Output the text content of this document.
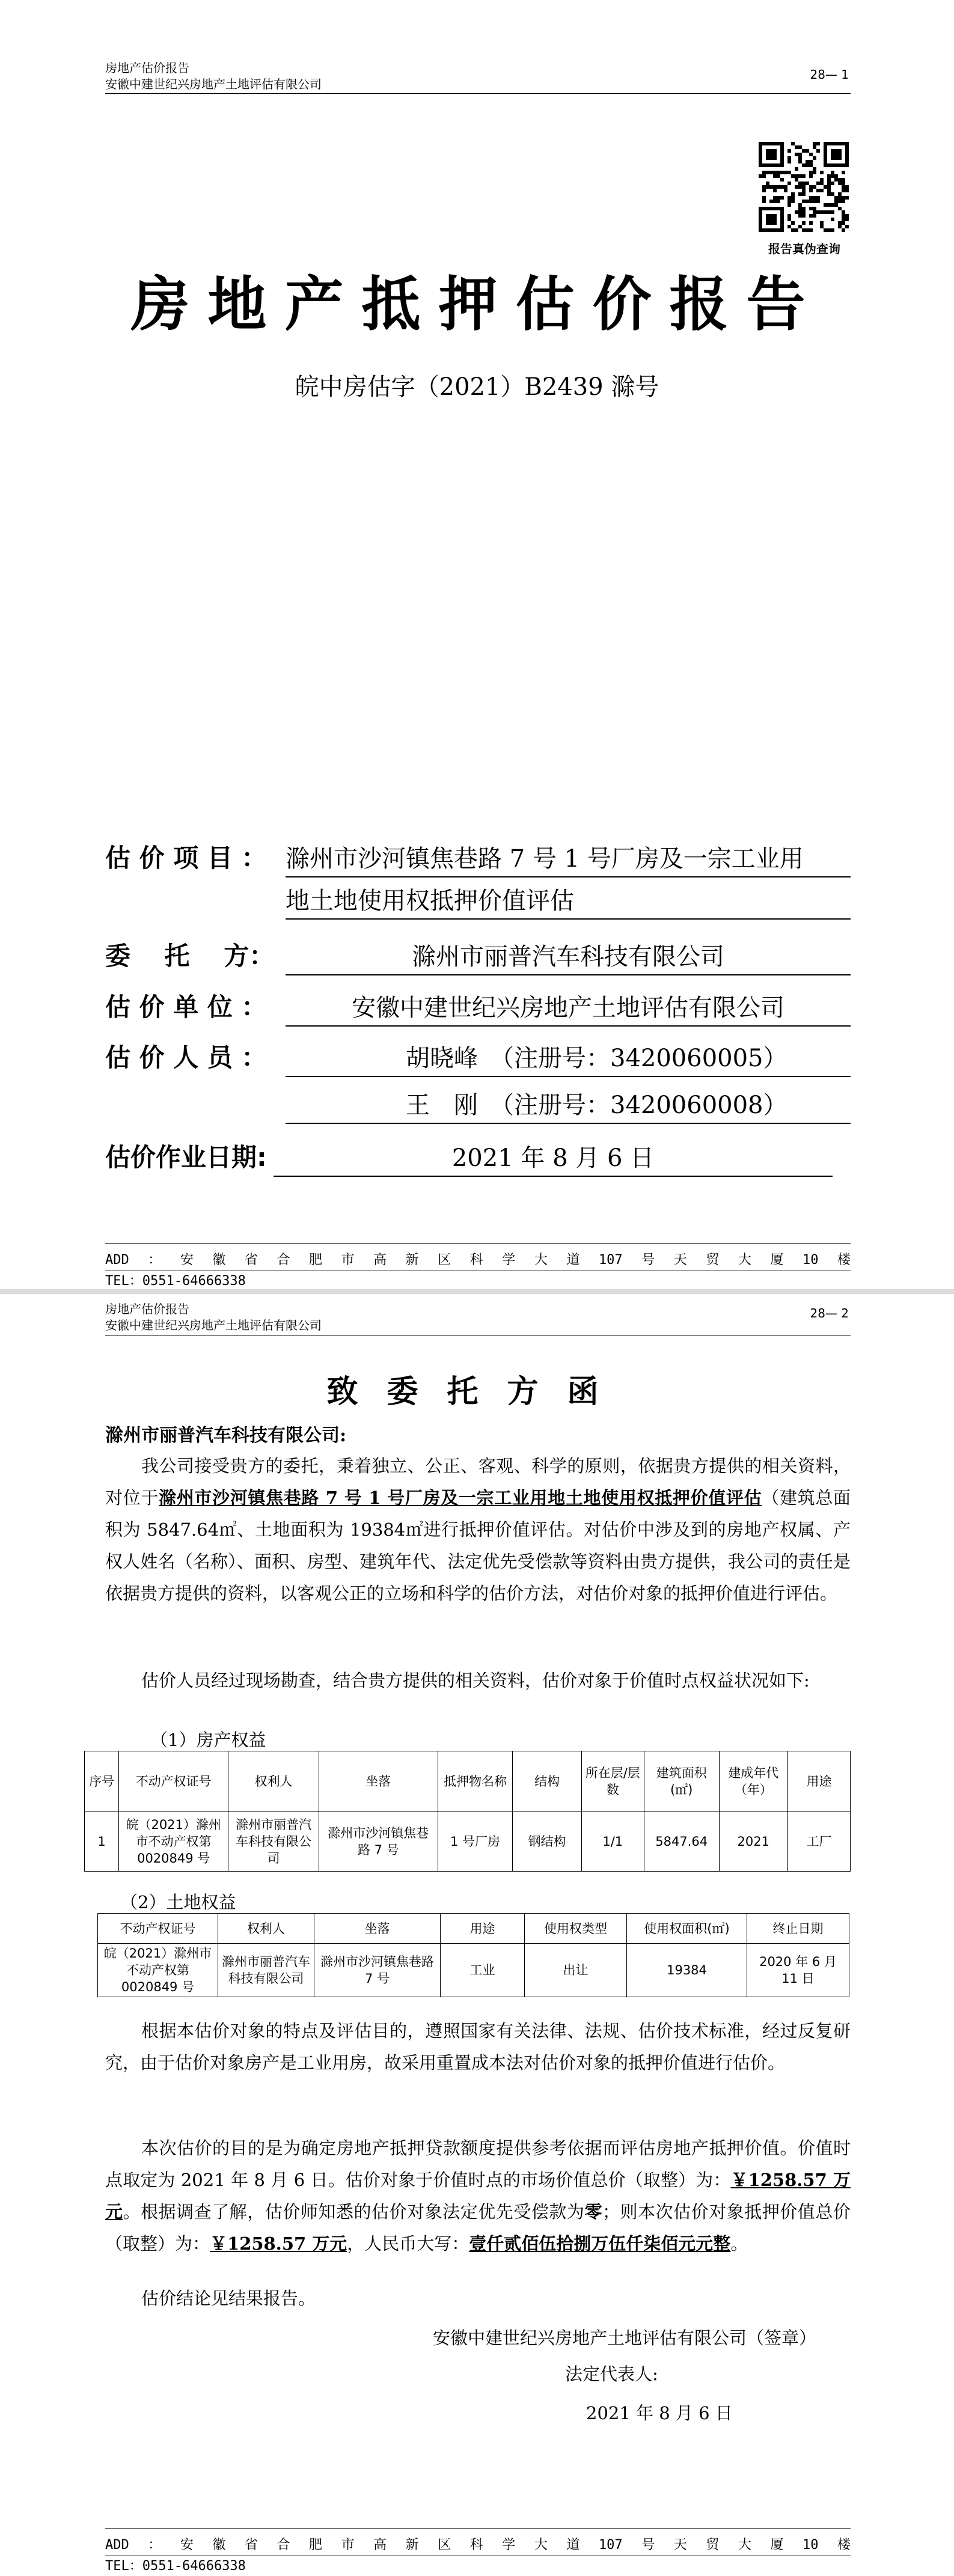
房地产估价报告
安徽中建世纪兴房地产土地评估有限公司
28— 1
报告真伪查询
房地产抵押估价报告
皖中房估字（2021）B2439 滁号
估 价 项 目 ： 滁州市沙河镇焦巷路 7 号 1 号厂房及一宗工业用
地土地使用权抵押价值评估
委　 托　 方：	滁州市丽普汽车科技有限公司
估 价 单 位 ：	安徽中建世纪兴房地产土地评估有限公司
估 价 人 员 ：	胡晓峰　（注册号：3420060005）
王　刚　（注册号：3420060008）
估价作业日期:	2021 年 8 月 6 日
ADD ： 安 徽 省 合 肥 市 高 新 区 科 学 大 道 107 号 天 贸 大 厦 10 楼
TEL：0551-64666338
房地产估价报告
安徽中建世纪兴房地产土地评估有限公司
28— 2
致委托方函
滁州市丽普汽车科技有限公司:
我公司接受贵方的委托，秉着独立、公正、客观、科学的原则，依据贵方提供的相关资料，对位于滁州市沙河镇焦巷路 7 号 1 号厂房及一宗工业用地土地使用权抵押价值评估（建筑总面积为 5847.64㎡、土地面积为 19384㎡进行抵押价值评估。对估价中涉及到的房地产权属、产权人姓名（名称）、面积、房型、建筑年代、法定优先受偿款等资料由贵方提供，我公司的责任是依据贵方提供的资料，以客观公正的立场和科学的估价方法，对估价对象的抵押价值进行评估。
估价人员经过现场勘查，结合贵方提供的相关资料，估价对象于价值时点权益状况如下:
（1）房产权益
序号	不动产权证号	权利人	坐落	抵押物名称	结构	所在层/层数	建筑面积(㎡)	建成年代（年）	用途
1	皖（2021）滁州市不动产权第0020849 号	滁州市丽普汽车科技有限公司	滁州市沙河镇焦巷路 7 号	1 号厂房	钢结构	1/1	5847.64	2021	工厂
（2）土地权益
不动产权证号	权利人	坐落	用途	使用权类型	使用权面积(㎡)	终止日期
皖（2021）滁州市不动产权第 0020849 号	滁州市丽普汽车科技有限公司	滁州市沙河镇焦巷路 7 号	工业	出让	19384	2020 年 6 月 11 日
根据本估价对象的特点及评估目的，遵照国家有关法律、法规、估价技术标准，经过反复研究，由于估价对象房产是工业用房，故采用重置成本法对估价对象的抵押价值进行估价。
本次估价的目的是为确定房地产抵押贷款额度提供参考依据而评估房地产抵押价值。价值时点取定为 2021 年 8 月 6 日。估价对象于价值时点的市场价值总价（取整）为：￥1258.57 万元。根据调查了解，估价师知悉的估价对象法定优先受偿款为零；则本次估价对象抵押价值总价（取整）为：￥1258.57 万元，人民币大写：壹仟贰佰伍拾捌万伍仟柒佰元元整。
估价结论见结果报告。
安徽中建世纪兴房地产土地评估有限公司（签章）
法定代表人:
2021 年 8 月 6 日
ADD ： 安 徽 省 合 肥 市 高 新 区 科 学 大 道 107 号 天 贸 大 厦 10 楼
TEL：0551-64666338
